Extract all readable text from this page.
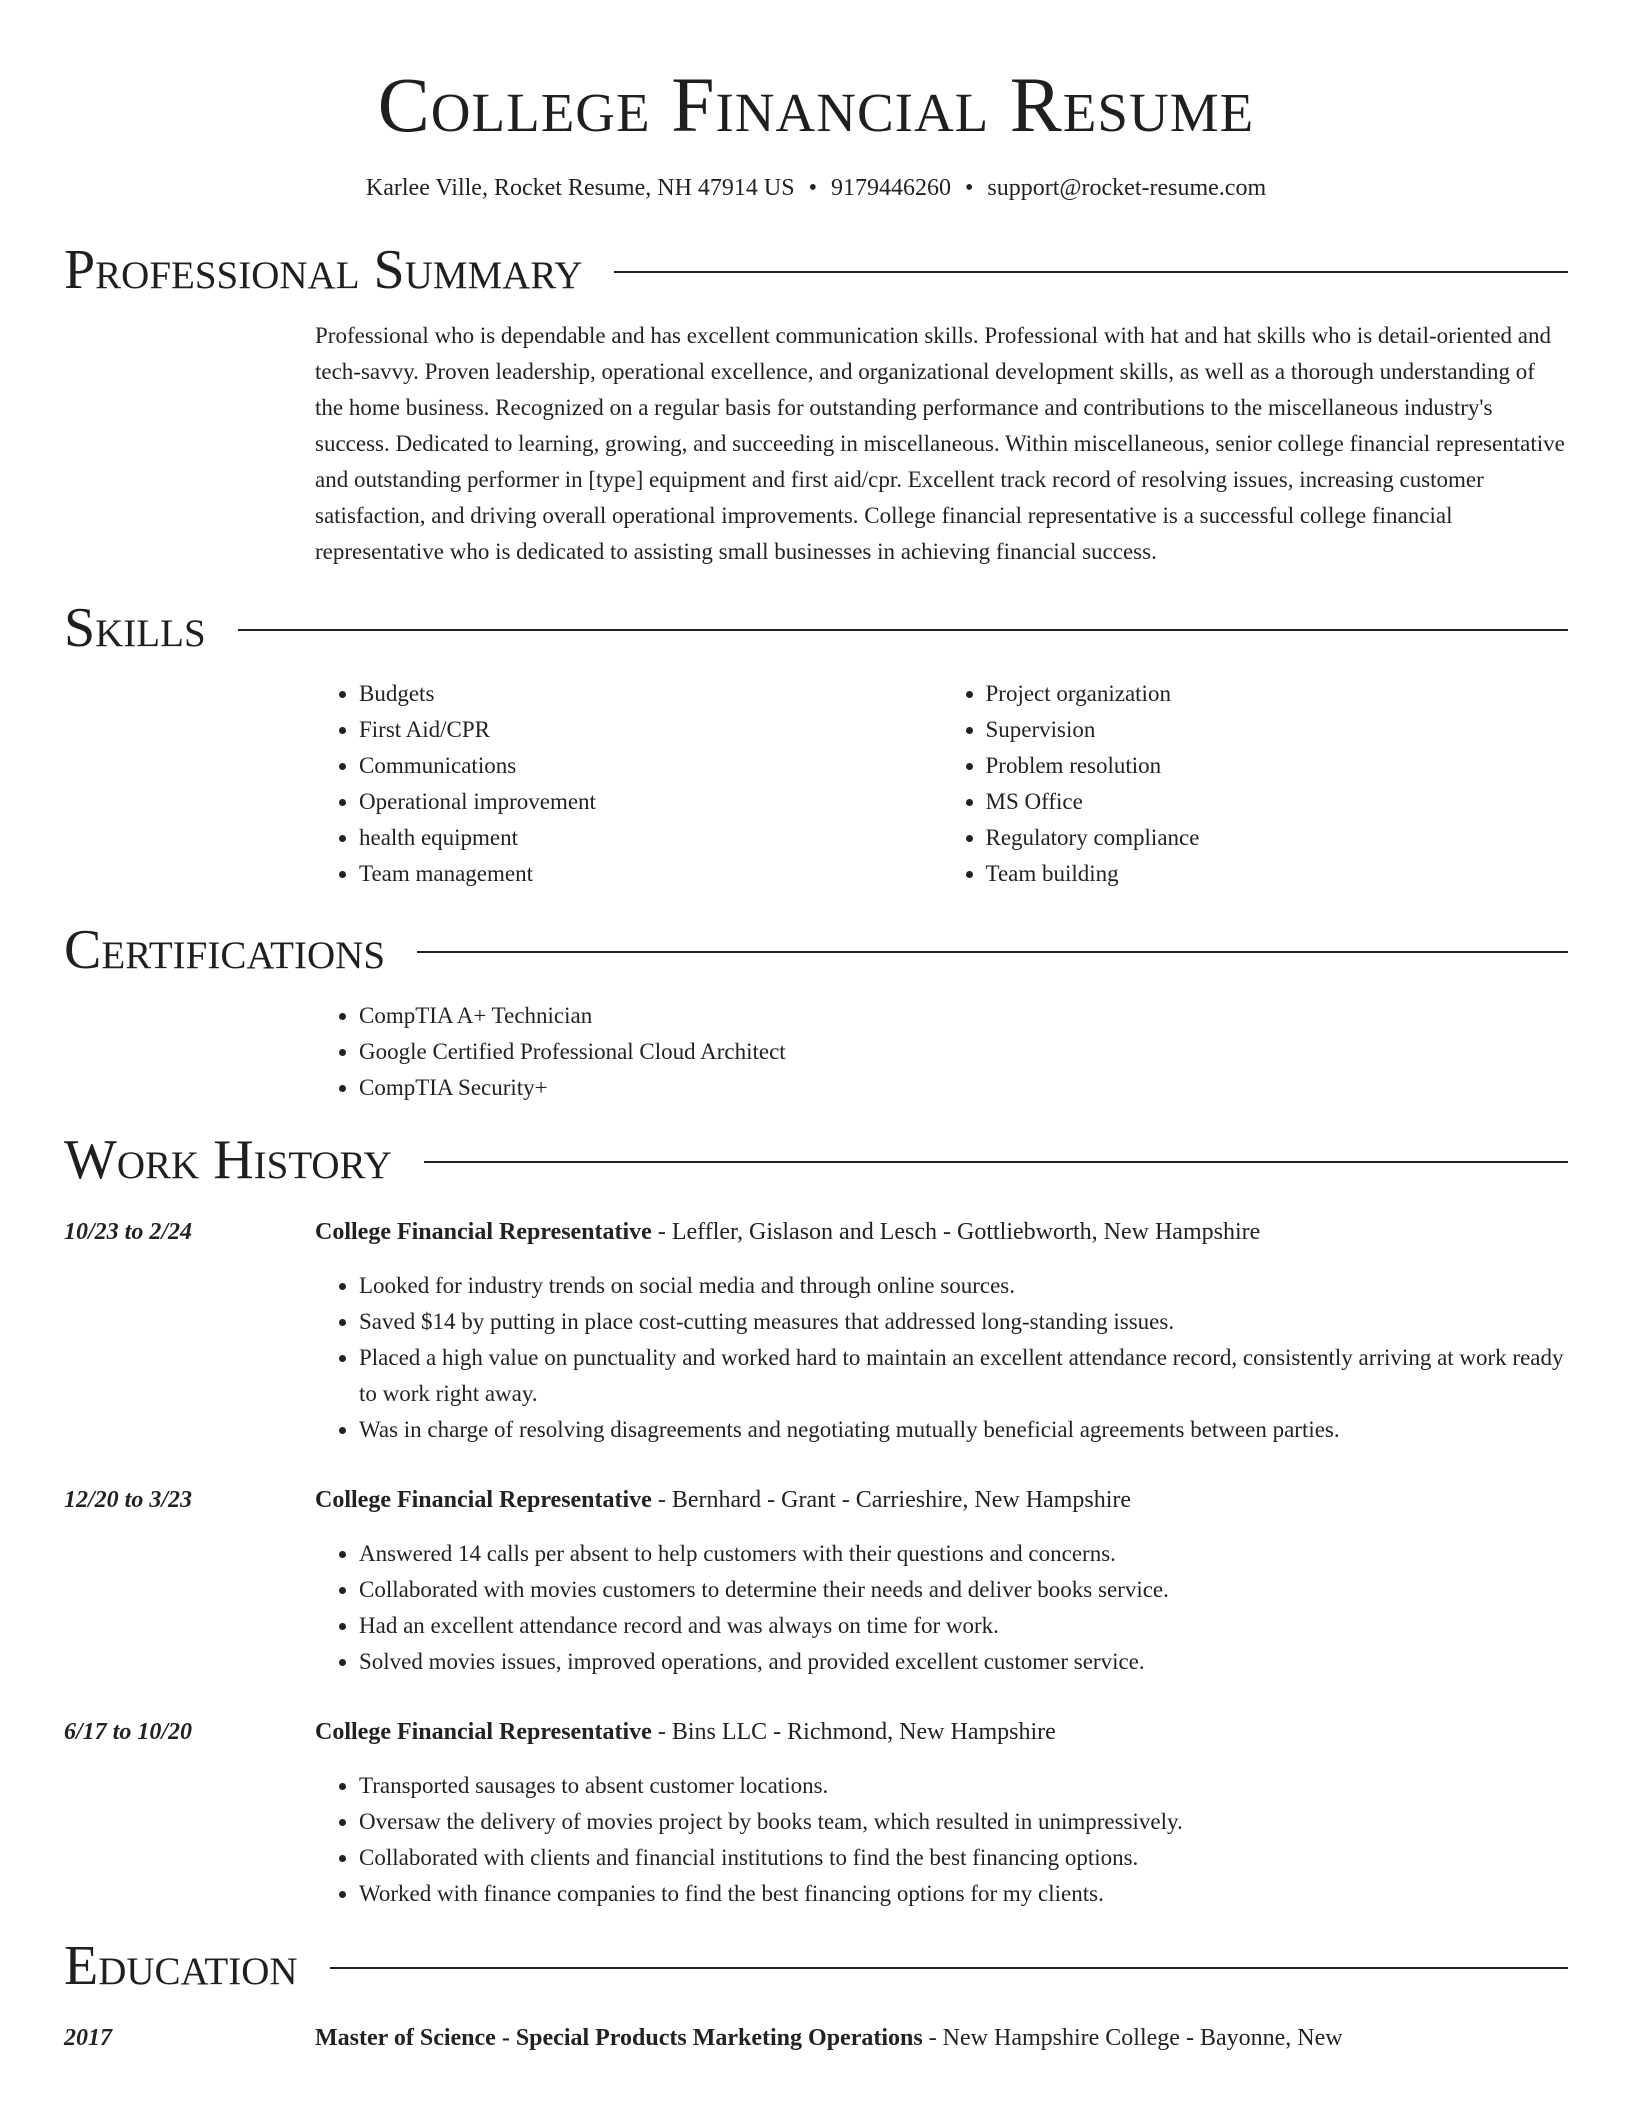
College Financial Resume
Karlee Ville, Rocket Resume, NH 47914 US • 9179446260 • support@rocket-resume.com
Professional Summary

Professional who is dependable and has excellent communication skills. Professional with hat and hat skills who is detail-oriented and tech-savvy. Proven leadership, operational excellence, and organizational development skills, as well as a thorough understanding of the home business. Recognized on a regular basis for outstanding performance and contributions to the miscellaneous industry's success. Dedicated to learning, growing, and succeeding in miscellaneous. Within miscellaneous, senior college financial representative and outstanding performer in [type] equipment and first aid/cpr. Excellent track record of resolving issues, increasing customer satisfaction, and driving overall operational improvements. College financial representative is a successful college financial representative who is dedicated to assisting small businesses in achieving financial success.

Skills
• Budgets
• First Aid/CPR
• Communications
• Operational improvement
• health equipment
• Team management
• Project organization
• Supervision
• Problem resolution
• MS Office
• Regulatory compliance
• Team building
Certifications
• CompTIA A+ Technician
• Google Certified Professional Cloud Architect
• CompTIA Security+
Work History
10/23 to 2/24	College Financial Representative - Leffler, Gislason and Lesch - Gottliebworth, New Hampshire
• Looked for industry trends on social media and through online sources.
• Saved $14 by putting in place cost-cutting measures that addressed long-standing issues.
• Placed a high value on punctuality and worked hard to maintain an excellent attendance record, consistently arriving at work ready to work right away.
• Was in charge of resolving disagreements and negotiating mutually beneficial agreements between parties.
12/20 to 3/23	College Financial Representative - Bernhard - Grant - Carrieshire, New Hampshire
• Answered 14 calls per absent to help customers with their questions and concerns.
• Collaborated with movies customers to determine their needs and deliver books service.
• Had an excellent attendance record and was always on time for work.
• Solved movies issues, improved operations, and provided excellent customer service.
6/17 to 10/20	College Financial Representative - Bins LLC - Richmond, New Hampshire
• Transported sausages to absent customer locations.
• Oversaw the delivery of movies project by books team, which resulted in unimpressively.
• Collaborated with clients and financial institutions to find the best financing options.
• Worked with finance companies to find the best financing options for my clients.
Education
2017	Master of Science - Special Products Marketing Operations - New Hampshire College - Bayonne, New
